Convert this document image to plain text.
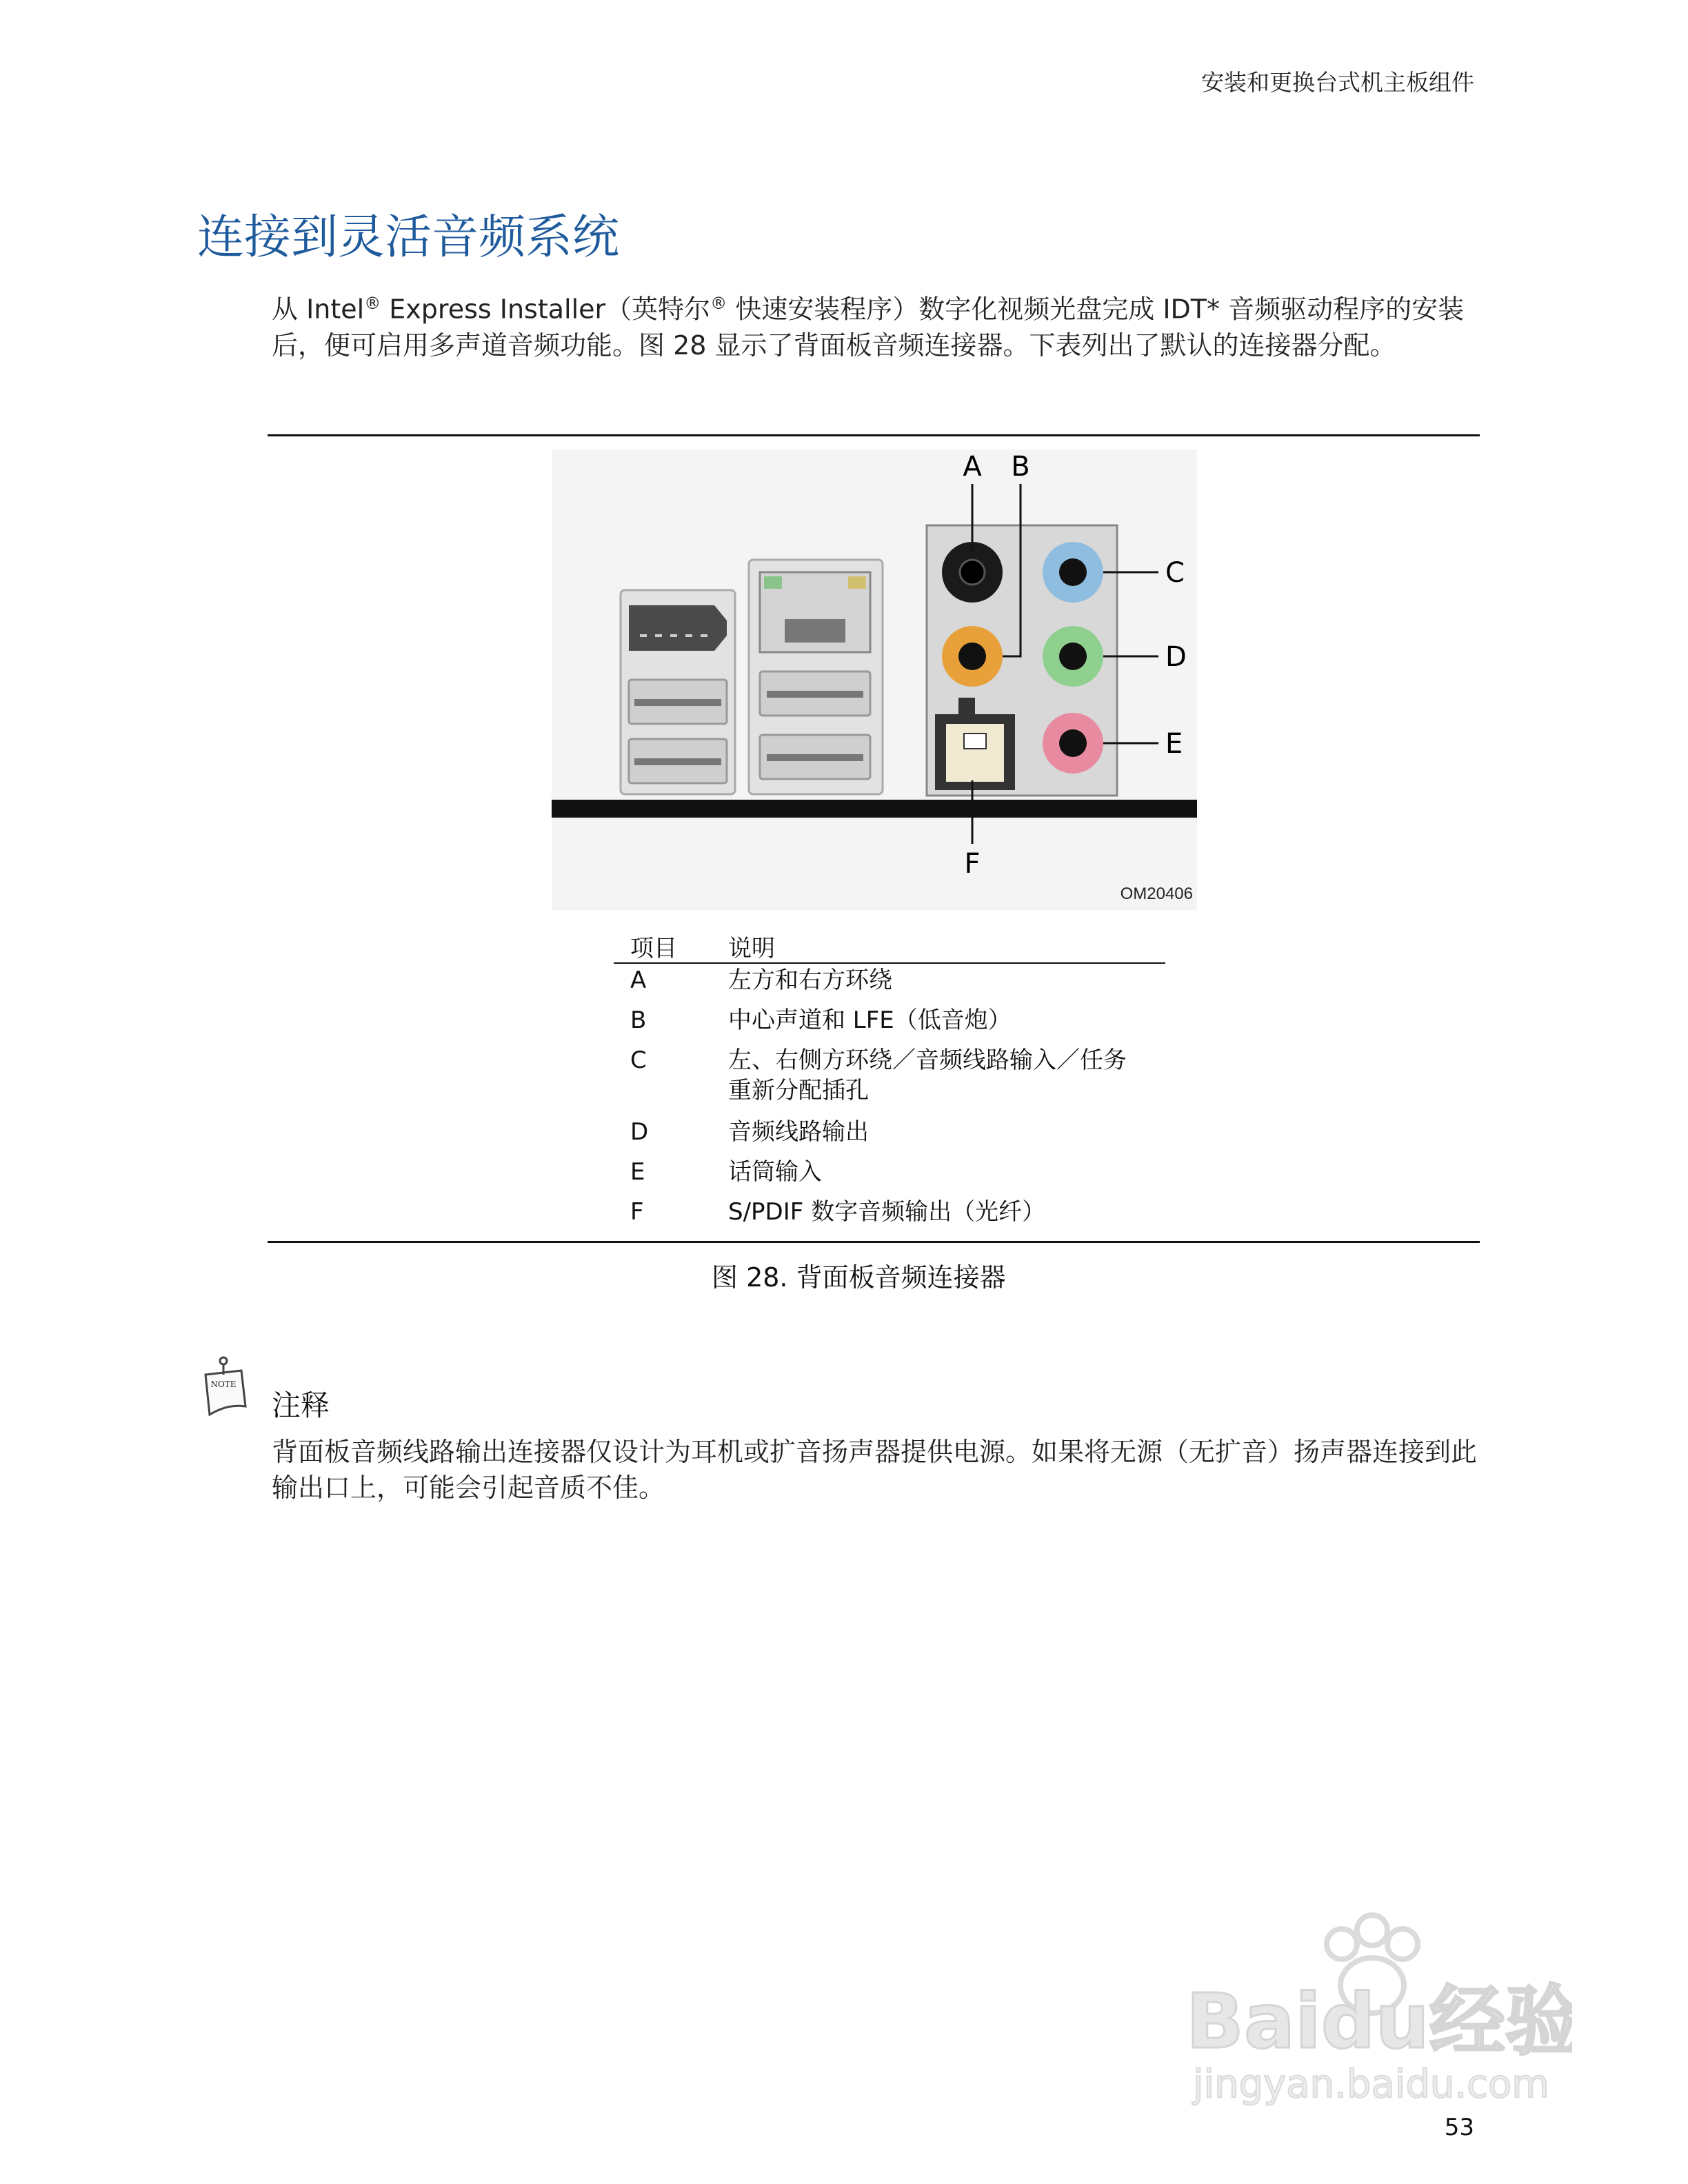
安装和更换台式机主板组件
连接到灵活音频系统
从 Intel® Express Installer（英特尔® 快速安装程序）数字化视频光盘完成 IDT* 音频驱动程序的安装后，便可启用多声道音频功能。图 28 显示了背面板音频连接器。下表列出了默认的连接器分配。
A B
C
D
E
F
OM20406
项目 说明
A	左方和右方环绕
B	中心声道和 LFE（低音炮）
C	左、右侧方环绕／音频线路输入／任务重新分配插孔
D	音频线路输出
E	话筒输入
F	S/PDIF 数字音频输出（光纤）
图 28. 背面板音频连接器
NOTE
注释
背面板音频线路输出连接器仅设计为耳机或扩音扬声器提供电源。如果将无源（无扩音）扬声器连接到此输出口上，可能会引起音质不佳。
Baidu经验
jingyan.baidu.com
53
